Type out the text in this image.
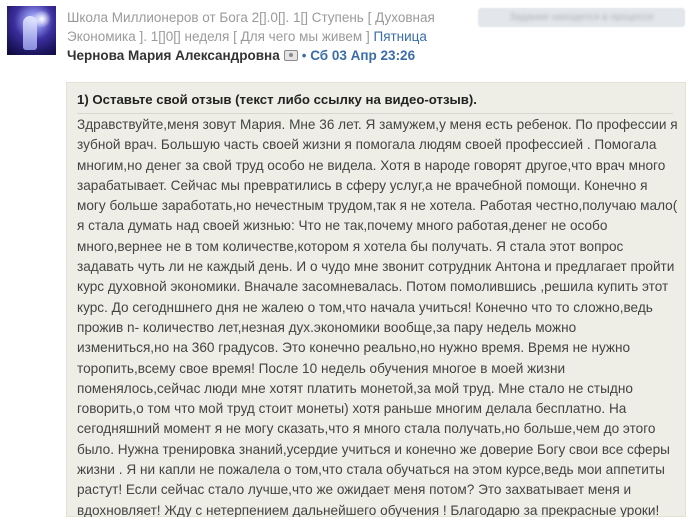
Школа Миллионеров от Бога 2[].0[]. 1[] Ступень [ Духовная
Экономика ]. 1[]0[] неделя [ Для чего мы живем ] Пятница
Задание находится в процессе
Чернова Мария Александровна • Сб 03 Апр 23:26
1) Оставьте свой отзыв (текст либо ссылку на видео-отзыв).
Здравствуйте,меня зовут Мария. Мне 36 лет. Я замужем,у меня есть ребенок. По профессии я
зубной врач. Большую часть своей жизни я помогала людям своей профессией . Помогала
многим,но денег за свой труд особо не видела. Хотя в народе говорят другое,что врач много
зарабатывает. Сейчас мы превратились в сферу услуг,а не врачебной помощи. Конечно я
могу больше заработать,но нечестным трудом,так я не хотела. Работая честно,получаю мало(
я стала думать над своей жизнью: Что не так,почему много работая,денег не особо
много,вернее не в том количестве,котором я хотела бы получать. Я стала этот вопрос
задавать чуть ли не каждый день. И о чудо мне звонит сотрудник Антона и предлагает пройти
курс духовной экономики. Вначале засомневалась. Потом помолившись ,решила купить этот
курс. До сегодншнего дня не жалею о том,что начала учиться! Конечно что то сложно,ведь
прожив n- количество лет,незная дух.экономики вообще,за пару недель можно
измениться,но на 360 градусов. Это конечно реально,но нужно время. Время не нужно
торопить,всему свое время! После 10 недель обучения многое в моей жизни
поменялось,сейчас люди мне хотят платить монетой,за мой труд. Мне стало не стыдно
говорить,о том что мой труд стоит монеты) хотя раньше многим делала бесплатно. На
сегодняшний момент я не могу сказать,что я много стала получать,но больше,чем до этого
было. Нужна тренировка знаний,усердие учиться и конечно же доверие Богу свои все сферы
жизни . Я ни капли не пожалела о том,что стала обучаться на этом курсе,ведь мои аппетиты
растут! Если сейчас стало лучше,что же ожидает меня потом? Это захватывает меня и
вдохновляет! Жду с нетерпением дальнейшего обучения ! Благодарю за прекрасные уроки!
